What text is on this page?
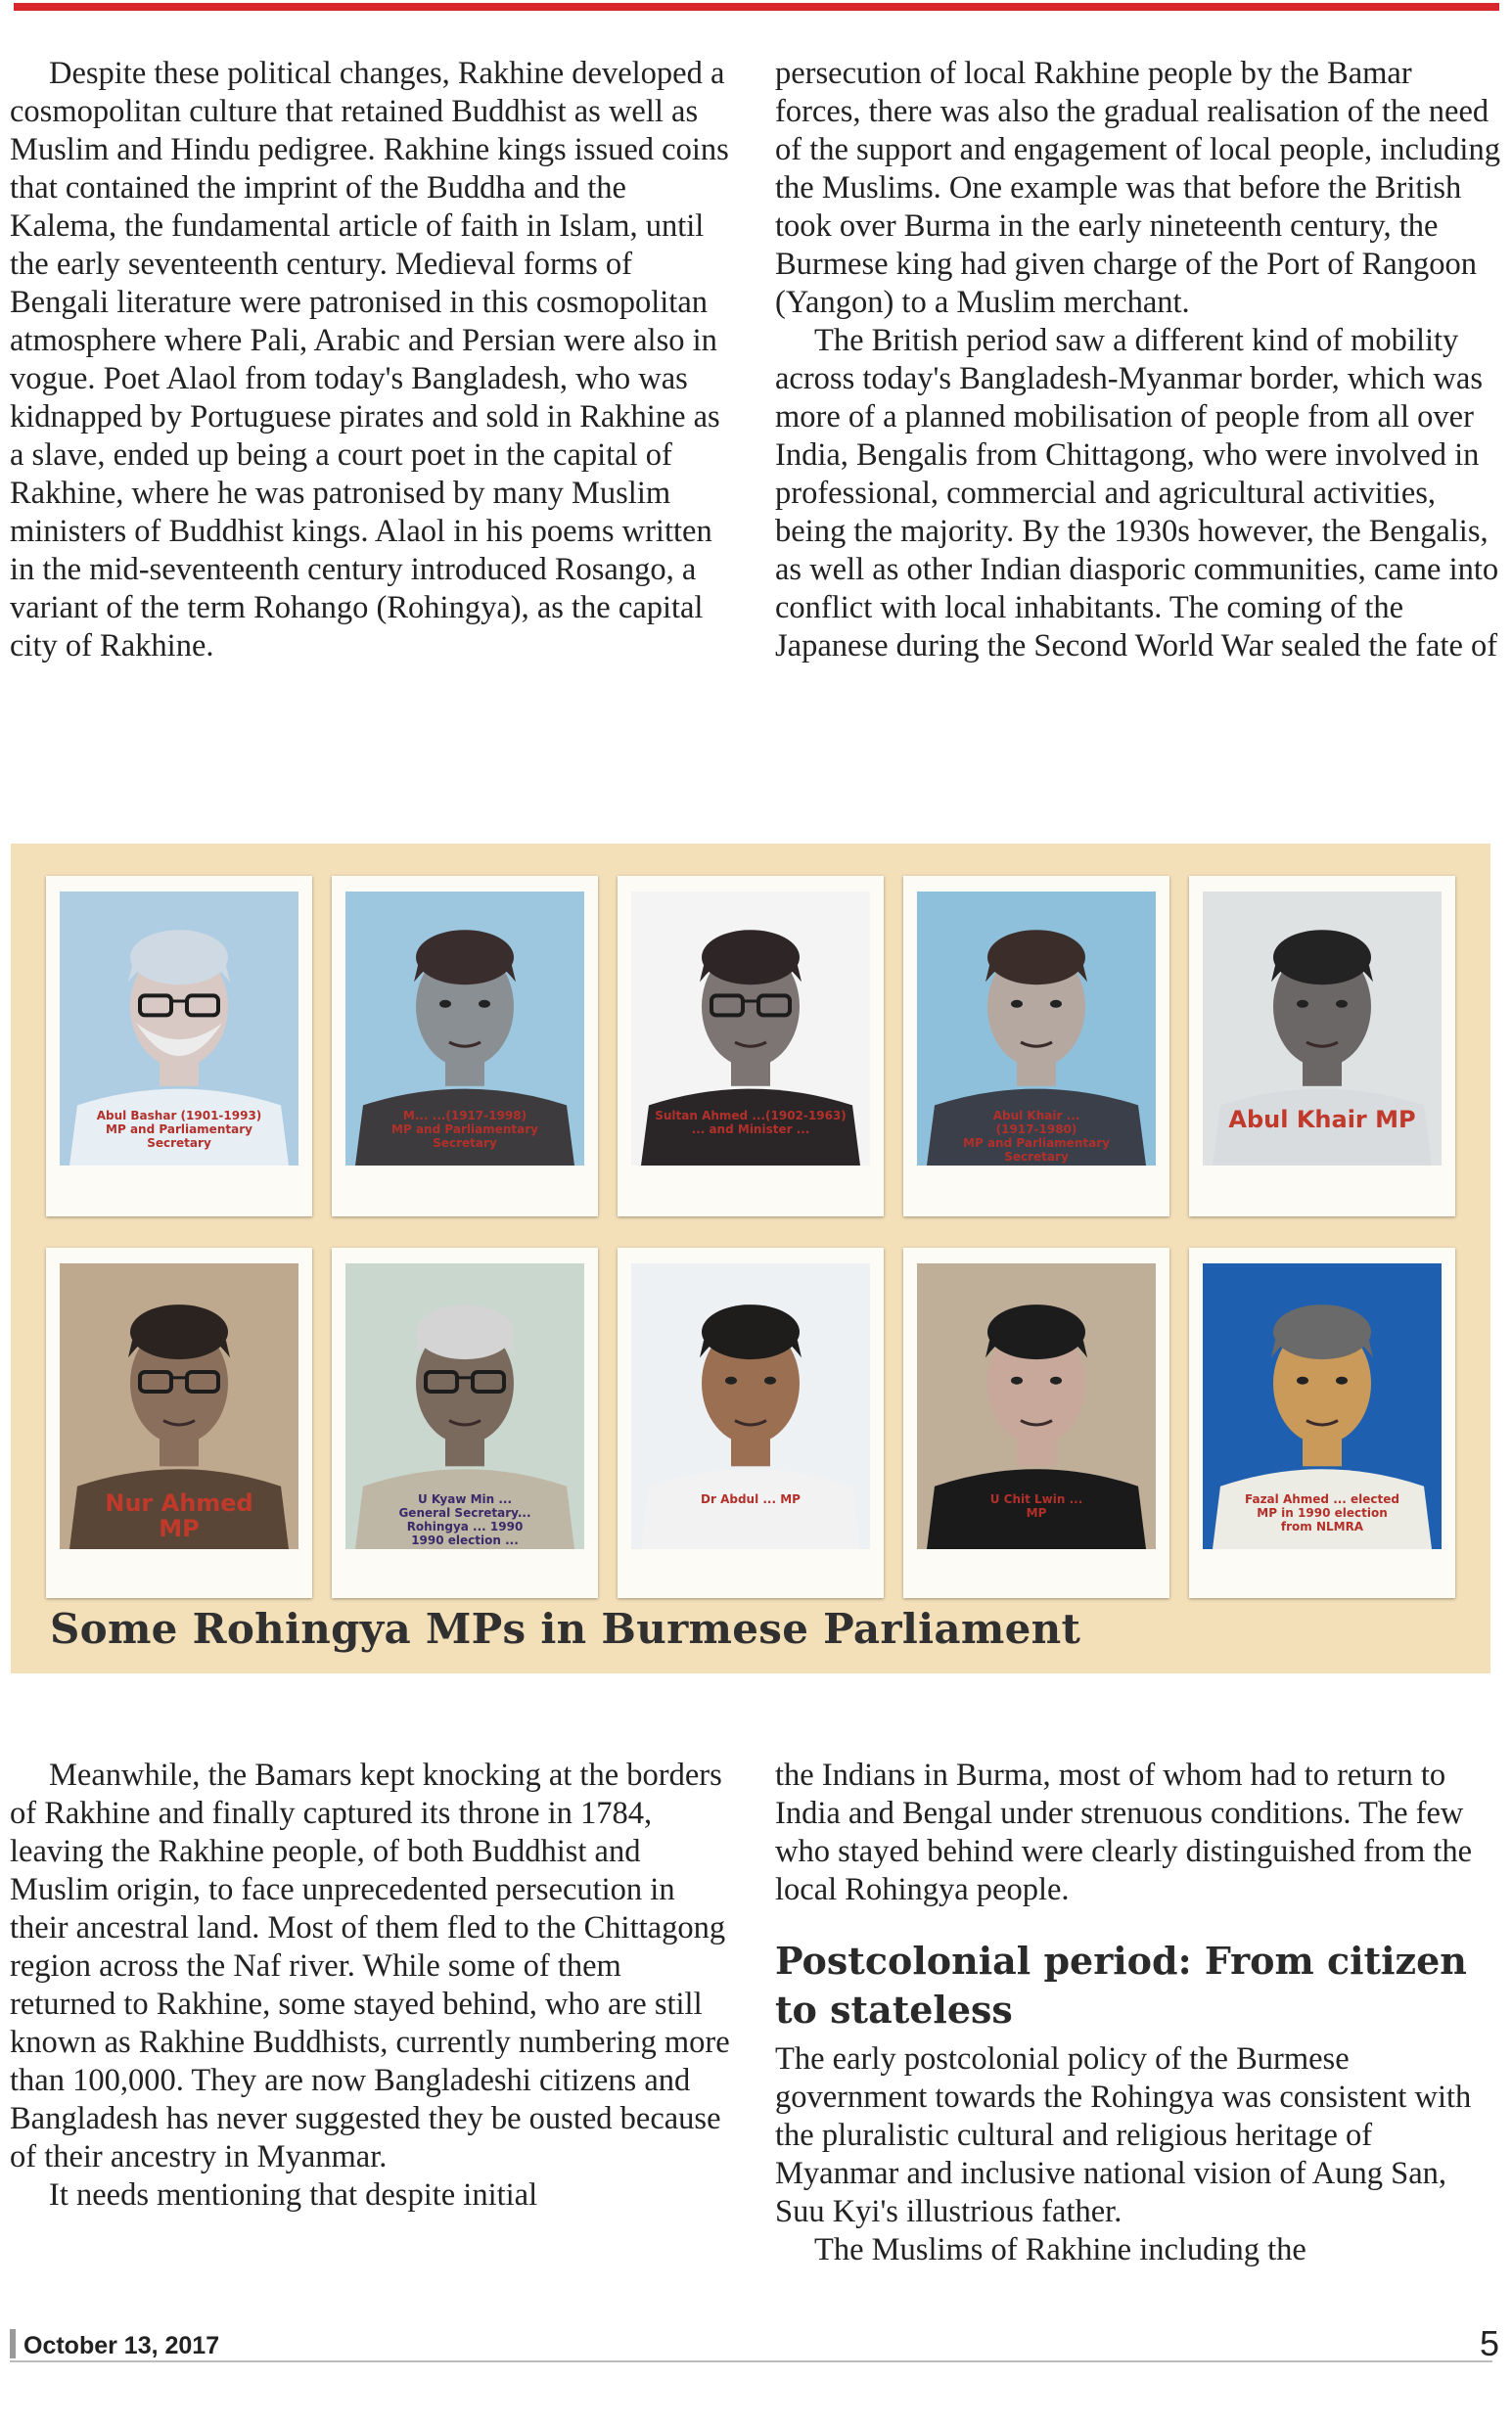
Despite these political changes, Rakhine developed a cosmopolitan culture that retained Buddhist as well as Muslim and Hindu pedigree. Rakhine kings issued coins that contained the imprint of the Buddha and the Kalema, the fundamental article of faith in Islam, until the early seventeenth century. Medieval forms of Bengali literature were patronised in this cosmopolitan atmosphere where Pali, Arabic and Persian were also in vogue. Poet Alaol from today's Bangladesh, who was kidnapped by Portuguese pirates and sold in Rakhine as a slave, ended up being a court poet in the capital of Rakhine, where he was patronised by many Muslim ministers of Buddhist kings. Alaol in his poems written in the mid-seventeenth century introduced Rosango, a variant of the term Rohango (Rohingya), as the capital city of Rakhine.

persecution of local Rakhine people by the Bamar forces, there was also the gradual realisation of the need of the support and engagement of local people, including the Muslims. One example was that before the British took over Burma in the early nineteenth century, the Burmese king had given charge of the Port of Rangoon (Yangon) to a Muslim merchant.

The British period saw a different kind of mobility across today's Bangladesh-Myanmar border, which was more of a planned mobilisation of people from all over India, Bengalis from Chittagong, who were involved in professional, commercial and agricultural activities, being the majority. By the 1930s however, the Bengalis, as well as other Indian diasporic communities, came into conflict with local inhabitants. The coming of the Japanese during the Second World War sealed the fate of

Abul Bashar (1901-1993)
MP and Parliamentary
Secretary
M... ...(1917-1998)
MP and Parliamentary
Secretary
Sultan Ahmed ...(1902-1963)
... and Minister ...
Abul Khair ...
(1917-1980)
MP and Parliamentary
Secretary
Abul Khair MP
Nur Ahmed
MP
U Kyaw Min ...
General Secretary...
Rohingya ... 1990
1990 election ...
Dr Abdul ... MP	U Chit Lwin ...
MP
Fazal Ahmed ... elected
MP in 1990 election
from NLMRA
Some Rohingya MPs in Burmese Parliament

Meanwhile, the Bamars kept knocking at the borders of Rakhine and finally captured its throne in 1784, leaving the Rakhine people, of both Buddhist and Muslim origin, to face unprecedented persecution in their ancestral land. Most of them fled to the Chittagong region across the Naf river. While some of them returned to Rakhine, some stayed behind, who are still known as Rakhine Buddhists, currently numbering more than 100,000. They are now Bangladeshi citizens and Bangladesh has never suggested they be ousted because of their ancestry in Myanmar.

It needs mentioning that despite initial

the Indians in Burma, most of whom had to return to India and Bengal under strenuous conditions. The few who stayed behind were clearly distinguished from the local Rohingya people.

Postcolonial period: From citizen to stateless

The early postcolonial policy of the Burmese government towards the Rohingya was consistent with the pluralistic cultural and religious heritage of Myanmar and inclusive national vision of Aung San, Suu Kyi's illustrious father.

The Muslims of Rakhine including the

October 13, 2017	5
